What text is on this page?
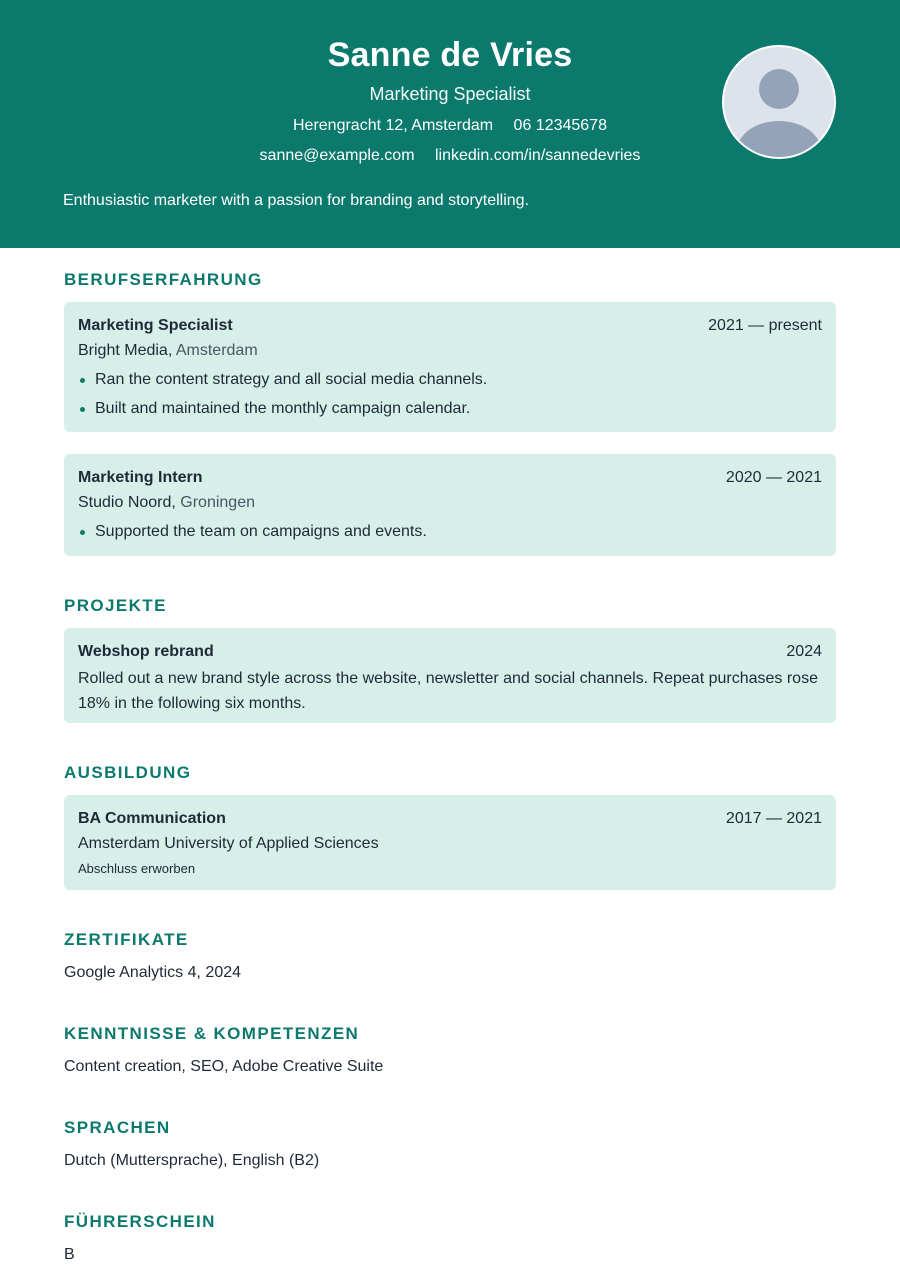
Sanne de Vries
Marketing Specialist
Herengracht 12, Amsterdam 06 12345678
sanne@example.com linkedin.com/in/sannedevries
Enthusiastic marketer with a passion for branding and storytelling.
BERUFSERFAHRUNG
Marketing Specialist	2021 — present
Bright Media, Amsterdam
Ran the content strategy and all social media channels.
Built and maintained the monthly campaign calendar.
Marketing Intern	2020 — 2021
Studio Noord, Groningen
Supported the team on campaigns and events.
PROJEKTE
Webshop rebrand	2024
Rolled out a new brand style across the website, newsletter and social channels. Repeat purchases rose 18% in the following six months.
AUSBILDUNG
BA Communication	2017 — 2021
Amsterdam University of Applied Sciences
Abschluss erworben
ZERTIFIKATE
Google Analytics 4, 2024
KENNTNISSE & KOMPETENZEN
Content creation, SEO, Adobe Creative Suite
SPRACHEN
Dutch (Muttersprache), English (B2)
FÜHRERSCHEIN
B
